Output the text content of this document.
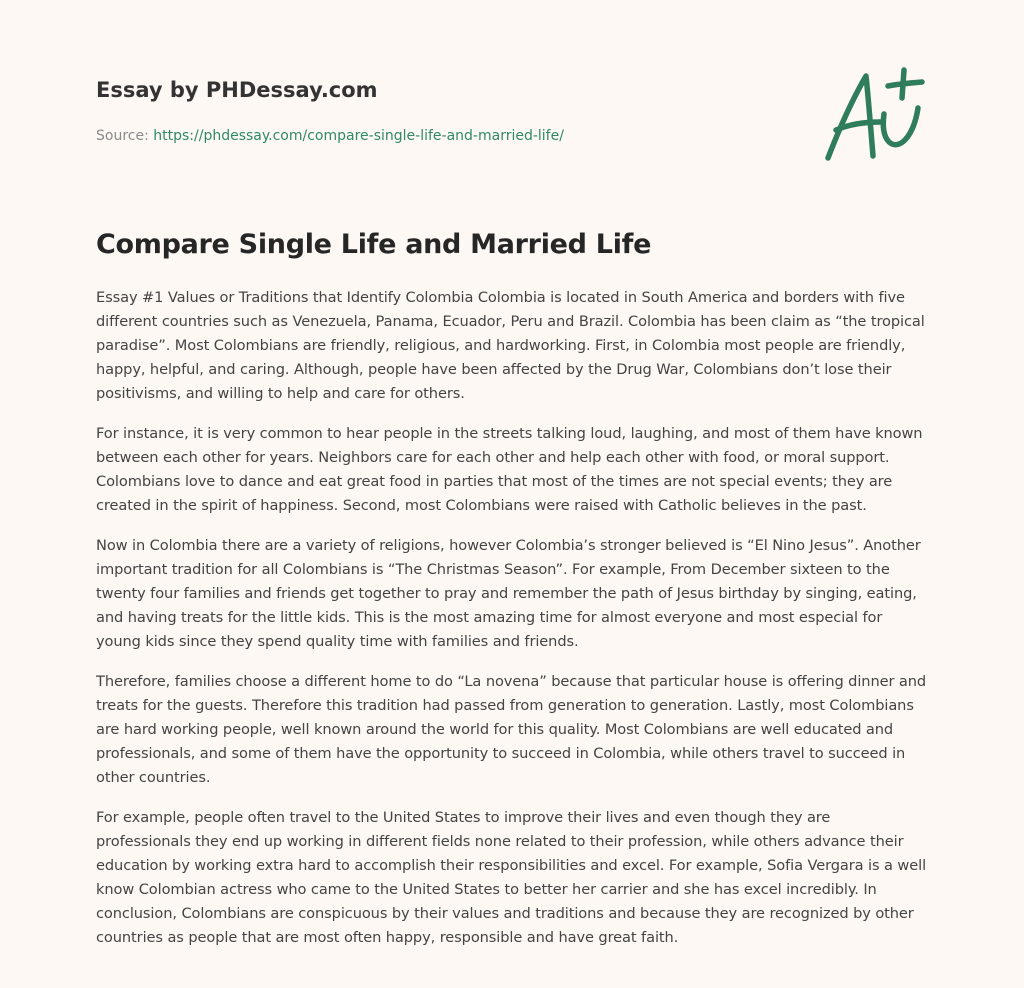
Essay by PHDessay.com
Source: https://phdessay.com/compare-single-life-and-married-life/
Compare Single Life and Married Life

Essay #1 Values or Traditions that Identify Colombia Colombia is located in South America and borders with five different countries such as Venezuela, Panama, Ecuador, Peru and Brazil. Colombia has been claim as “the tropical paradise”. Most Colombians are friendly, religious, and hardworking. First, in Colombia most people are friendly, happy, helpful, and caring. Although, people have been affected by the Drug War, Colombians don’t lose their positivisms, and willing to help and care for others.

For instance, it is very common to hear people in the streets talking loud, laughing, and most of them have known between each other for years. Neighbors care for each other and help each other with food, or moral support. Colombians love to dance and eat great food in parties that most of the times are not special events; they are created in the spirit of happiness. Second, most Colombians were raised with Catholic believes in the past.

Now in Colombia there are a variety of religions, however Colombia’s stronger believed is “El Nino Jesus”. Another important tradition for all Colombians is “The Christmas Season”. For example, From December sixteen to the twenty four families and friends get together to pray and remember the path of Jesus birthday by singing, eating, and having treats for the little kids. This is the most amazing time for almost everyone and most especial for young kids since they spend quality time with families and friends.

Therefore, families choose a different home to do “La novena” because that particular house is offering dinner and treats for the guests. Therefore this tradition had passed from generation to generation. Lastly, most Colombians are hard working people, well known around the world for this quality. Most Colombians are well educated and professionals, and some of them have the opportunity to succeed in Colombia, while others travel to succeed in other countries.

For example, people often travel to the United States to improve their lives and even though they are professionals they end up working in different fields none related to their profession, while others advance their education by working extra hard to accomplish their responsibilities and excel. For example, Sofia Vergara is a well know Colombian actress who came to the United States to better her carrier and she has excel incredibly. In conclusion, Colombians are conspicuous by their values and traditions and because they are recognized by other countries as people that are most often happy, responsible and have great faith.
